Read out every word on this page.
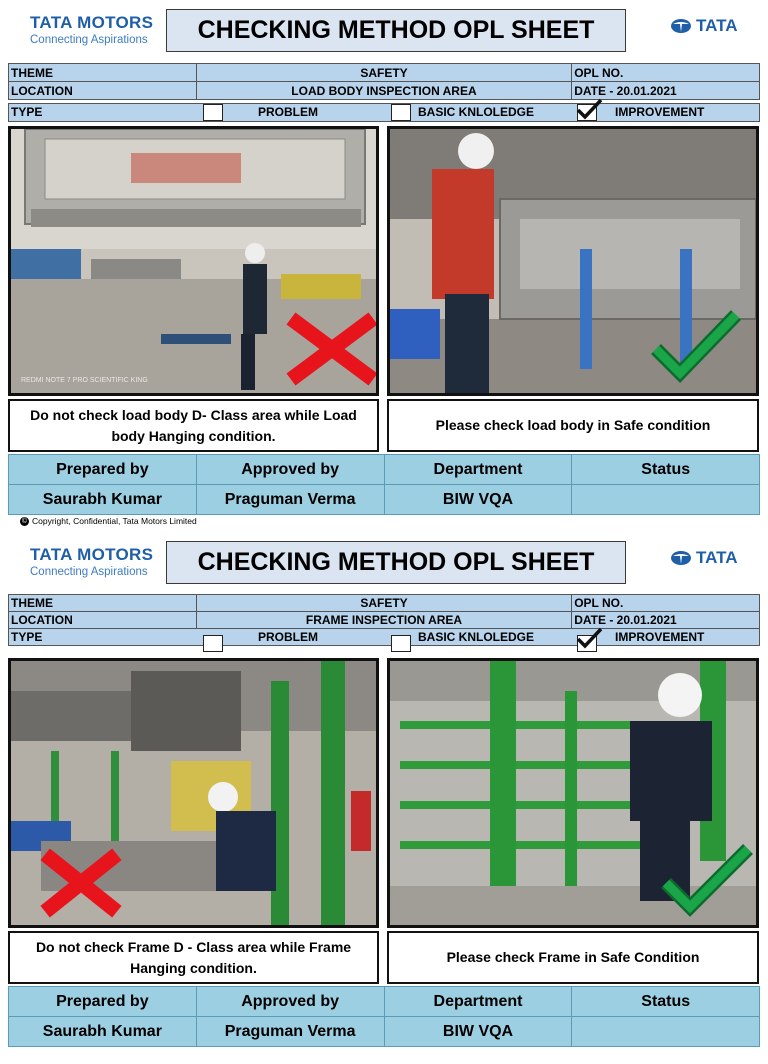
TATA MOTORS
Connecting Aspirations	CHECKING METHOD OPL SHEET	TATA
THEME	SAFETY	OPL NO.
LOCATION	LOAD BODY INSPECTION AREA	DATE - 20.01.2021
TYPE	PROBLEM	BASIC KNLOLEDGE	IMPROVEMENT
REDMI NOTE 7 PRO SCIENTIFIC KING
Do not check load body D- Class area while Load body Hanging condition.
Please check load body in Safe condition
Prepared by	Approved by	Department	Status
Saurabh Kumar	Praguman Verma	BIW VQA	
© Copyright, Confidential, Tata Motors Limited
TATA MOTORS
Connecting Aspirations	CHECKING METHOD OPL SHEET	TATA
THEME	SAFETY	OPL NO.
LOCATION	FRAME INSPECTION AREA	DATE - 20.01.2021
TYPE	PROBLEM	BASIC KNLOLEDGE	IMPROVEMENT
Do not check Frame D - Class area while Frame Hanging condition.
Please check Frame in Safe Condition
Prepared by	Approved by	Department	Status
Saurabh Kumar	Praguman Verma	BIW VQA	
